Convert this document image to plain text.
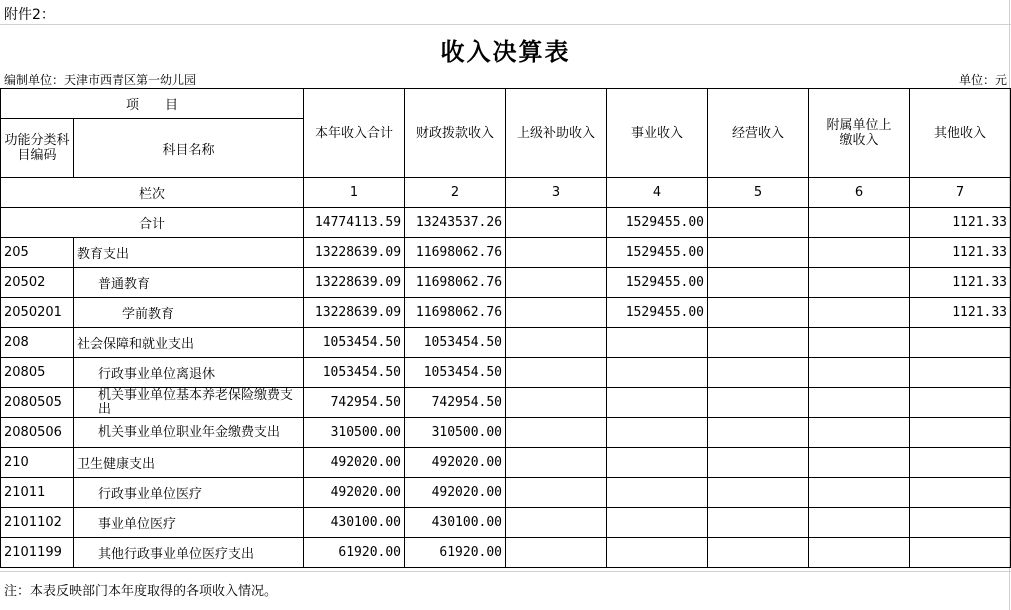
附件2：
收入决算表
编制单位：天津市西青区第一幼儿园	单位：元
项　　目		本年收入合计	财政拨款收入	上级补助收入	事业收入	经营收入	附属单位上缴收入	其他收入
功能分类科目编码	科目名称							
栏次		1	2	3	4	5	6	7
合计		14774113.59	13243537.26		1529455.00			1121.33
205	教育支出	13228639.09	11698062.76		1529455.00			1121.33
20502	普通教育	13228639.09	11698062.76		1529455.00			1121.33
2050201	学前教育	13228639.09	11698062.76		1529455.00			1121.33
208	社会保障和就业支出	1053454.50	1053454.50					
20805	行政事业单位离退休	1053454.50	1053454.50					
2080505	机关事业单位基本养老保险缴费支出	742954.50	742954.50					
2080506	机关事业单位职业年金缴费支出	310500.00	310500.00					
210	卫生健康支出	492020.00	492020.00					
21011	行政事业单位医疗	492020.00	492020.00					
2101102	事业单位医疗	430100.00	430100.00					
2101199	其他行政事业单位医疗支出	61920.00	61920.00					
注：本表反映部门本年度取得的各项收入情况。
